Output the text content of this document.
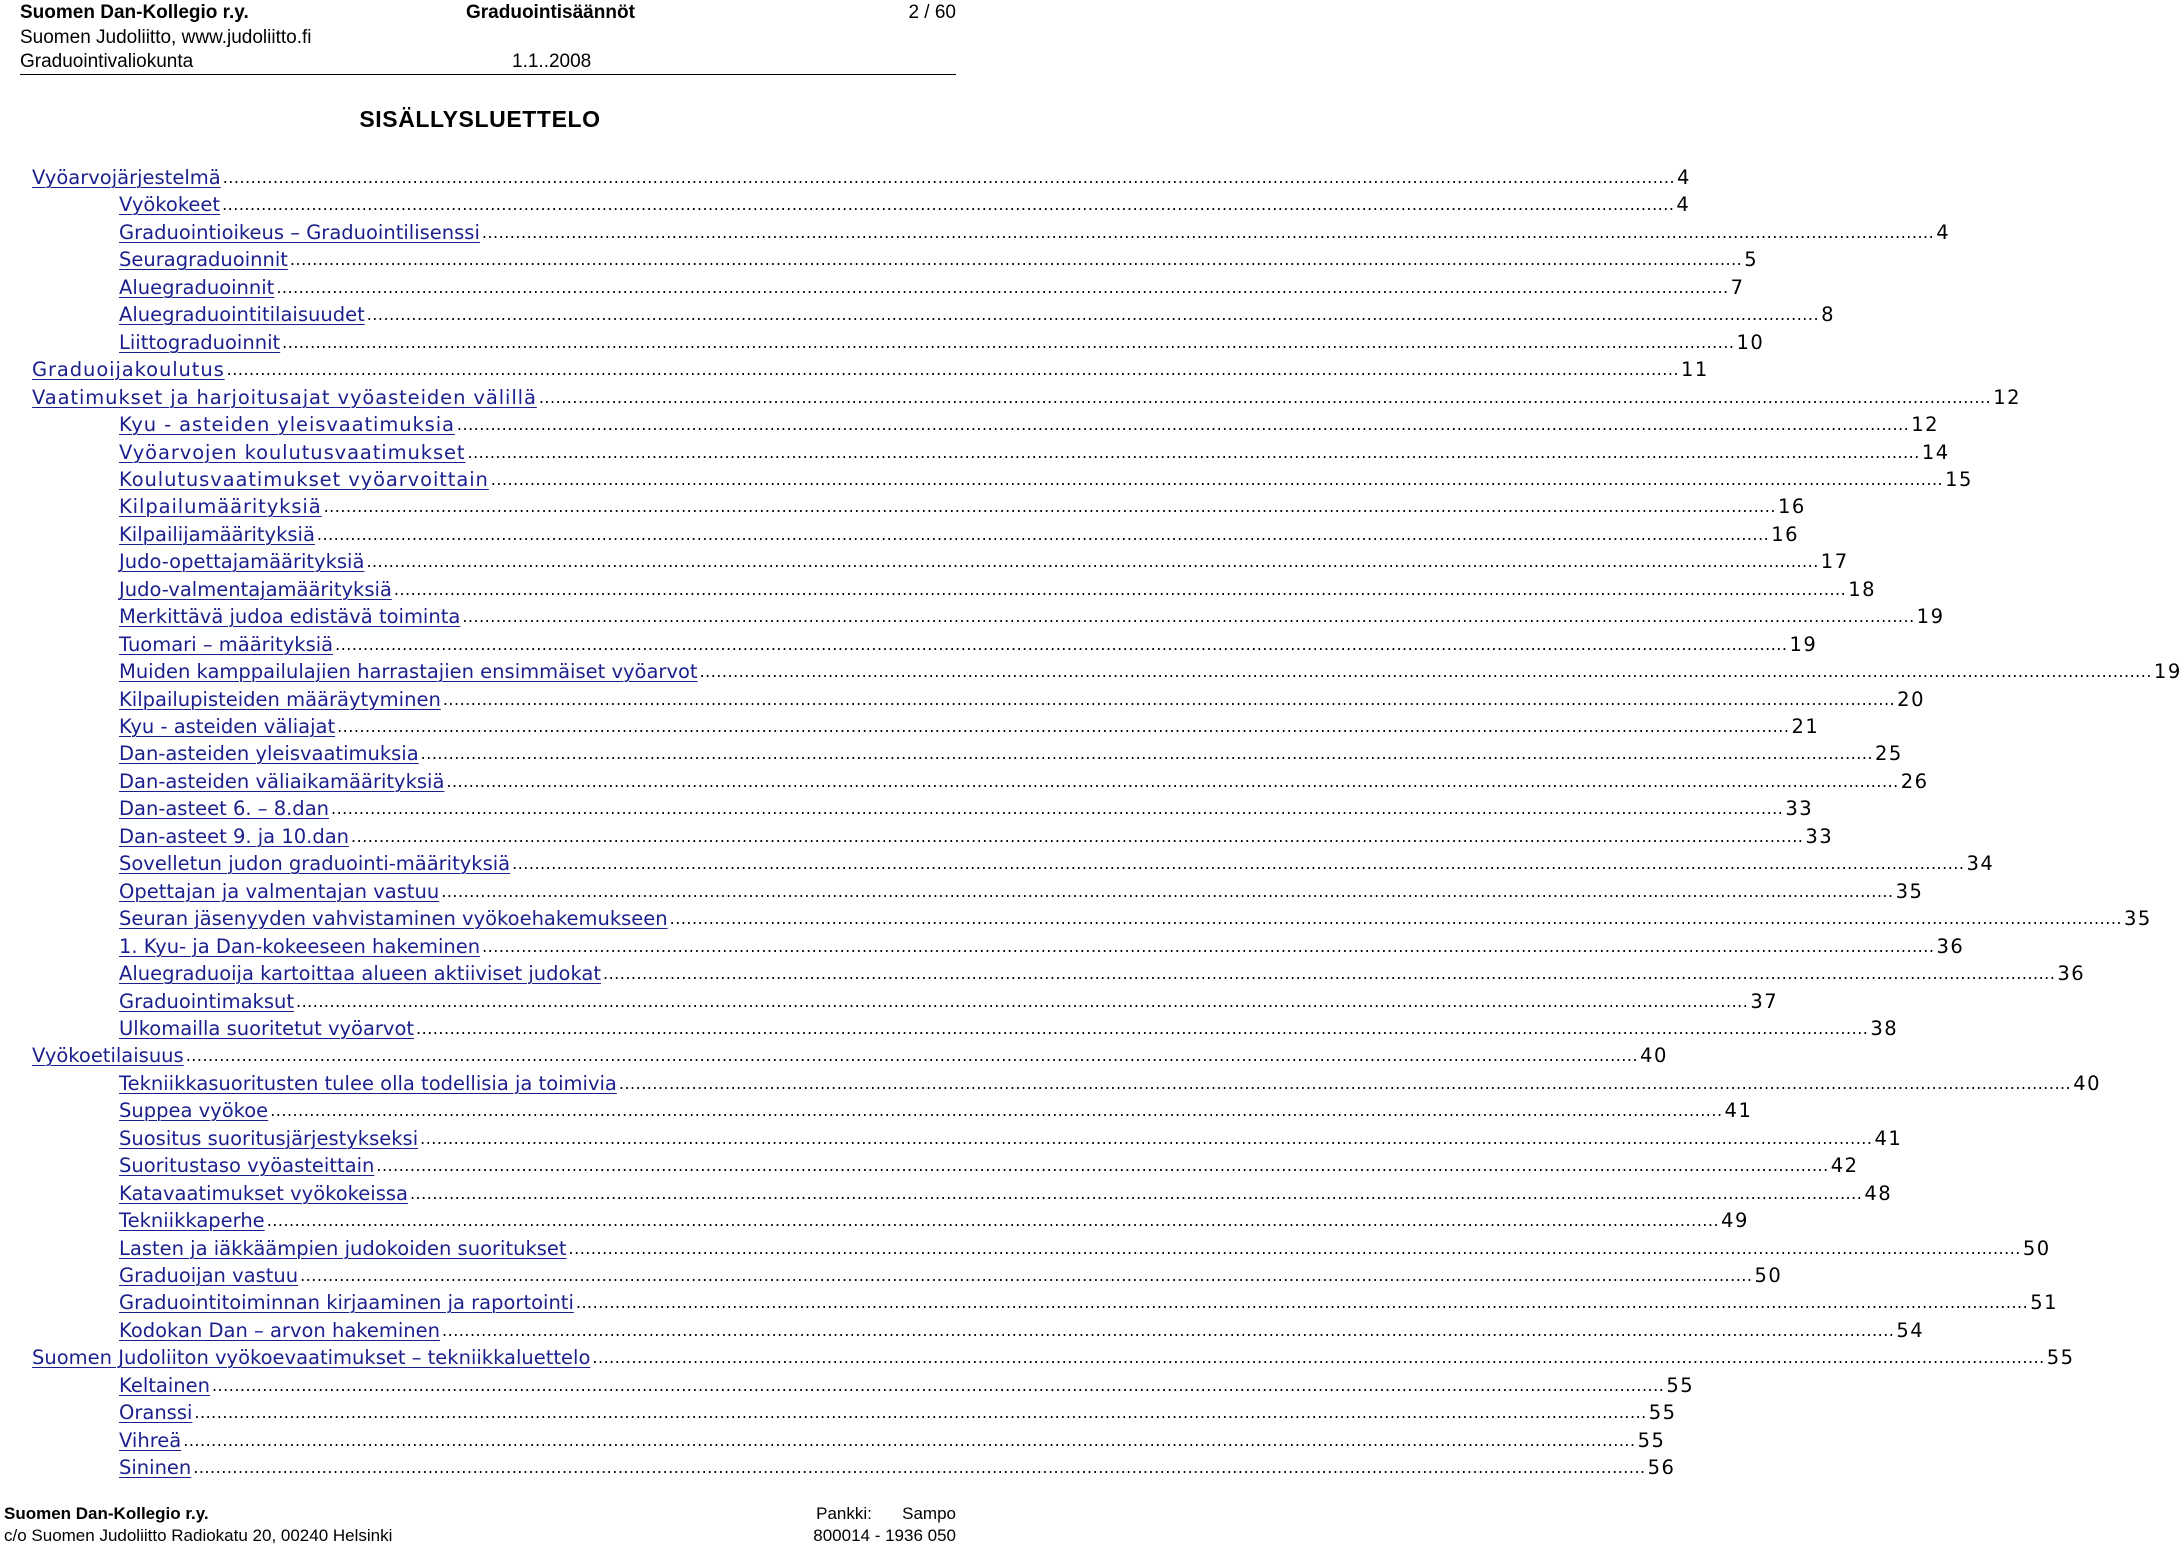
Suomen Dan-Kollegio r.y.	Graduointisäännöt	2 / 60
Suomen Judoliitto, www.judoliitto.fi
Graduointivaliokunta	1.1..2008
SISÄLLYSLUETTELO
Vyöarvojärjestelmä .................................................................................................................................................................................................................................................................... 4
Vyökokeet .................................................................................................................................................................................................................................................................... 4
Graduointioikeus – Graduointilisenssi .................................................................................................................................................................................................................................................................... 4
Seuragraduoinnit .................................................................................................................................................................................................................................................................... 5
Aluegraduoinnit .................................................................................................................................................................................................................................................................... 7
Aluegraduointitilaisuudet .................................................................................................................................................................................................................................................................... 8
Liittograduoinnit .................................................................................................................................................................................................................................................................... 10
Graduoijakoulutus .................................................................................................................................................................................................................................................................... 11
Vaatimukset ja harjoitusajat vyöasteiden välillä .................................................................................................................................................................................................................................................................... 12
Kyu - asteiden yleisvaatimuksia .................................................................................................................................................................................................................................................................... 12
Vyöarvojen koulutusvaatimukset .................................................................................................................................................................................................................................................................... 14
Koulutusvaatimukset vyöarvoittain .................................................................................................................................................................................................................................................................... 15
Kilpailumäärityksiä .................................................................................................................................................................................................................................................................... 16
Kilpailijamäärityksiä .................................................................................................................................................................................................................................................................... 16
Judo-opettajamäärityksiä .................................................................................................................................................................................................................................................................... 17
Judo-valmentajamäärityksiä .................................................................................................................................................................................................................................................................... 18
Merkittävä judoa edistävä toiminta .................................................................................................................................................................................................................................................................... 19
Tuomari – määrityksiä .................................................................................................................................................................................................................................................................... 19
Muiden kamppailulajien harrastajien ensimmäiset vyöarvot .................................................................................................................................................................................................................................................................... 19
Kilpailupisteiden määräytyminen .................................................................................................................................................................................................................................................................... 20
Kyu - asteiden väliajat .................................................................................................................................................................................................................................................................... 21
Dan-asteiden yleisvaatimuksia .................................................................................................................................................................................................................................................................... 25
Dan-asteiden väliaikamäärityksiä .................................................................................................................................................................................................................................................................... 26
Dan-asteet 6. – 8.dan .................................................................................................................................................................................................................................................................... 33
Dan-asteet 9. ja 10.dan .................................................................................................................................................................................................................................................................... 33
Sovelletun judon graduointi-määrityksiä .................................................................................................................................................................................................................................................................... 34
Opettajan ja valmentajan vastuu .................................................................................................................................................................................................................................................................... 35
Seuran jäsenyyden vahvistaminen vyökoehakemukseen .................................................................................................................................................................................................................................................................... 35
1. Kyu- ja Dan-kokeeseen hakeminen .................................................................................................................................................................................................................................................................... 36
Aluegraduoija kartoittaa alueen aktiiviset judokat .................................................................................................................................................................................................................................................................... 36
Graduointimaksut .................................................................................................................................................................................................................................................................... 37
Ulkomailla suoritetut vyöarvot .................................................................................................................................................................................................................................................................... 38
Vyökoetilaisuus .................................................................................................................................................................................................................................................................... 40
Tekniikkasuoritusten tulee olla todellisia ja toimivia .................................................................................................................................................................................................................................................................... 40
Suppea vyökoe .................................................................................................................................................................................................................................................................... 41
Suositus suoritusjärjestykseksi .................................................................................................................................................................................................................................................................... 41
Suoritustaso vyöasteittain .................................................................................................................................................................................................................................................................... 42
Katavaatimukset vyökokeissa .................................................................................................................................................................................................................................................................... 48
Tekniikkaperhe .................................................................................................................................................................................................................................................................... 49
Lasten ja iäkkäämpien judokoiden suoritukset .................................................................................................................................................................................................................................................................... 50
Graduoijan vastuu .................................................................................................................................................................................................................................................................... 50
Graduointitoiminnan kirjaaminen ja raportointi .................................................................................................................................................................................................................................................................... 51
Kodokan Dan – arvon hakeminen .................................................................................................................................................................................................................................................................... 54
Suomen Judoliiton vyökoevaatimukset – tekniikkaluettelo .................................................................................................................................................................................................................................................................... 55
Keltainen .................................................................................................................................................................................................................................................................... 55
Oranssi .................................................................................................................................................................................................................................................................... 55
Vihreä .................................................................................................................................................................................................................................................................... 55
Sininen .................................................................................................................................................................................................................................................................... 56
Suomen Dan-Kollegio r.y.	Pankki: Sampo
c/o Suomen Judoliitto Radiokatu 20, 00240 Helsinki	800014 - 1936 050
